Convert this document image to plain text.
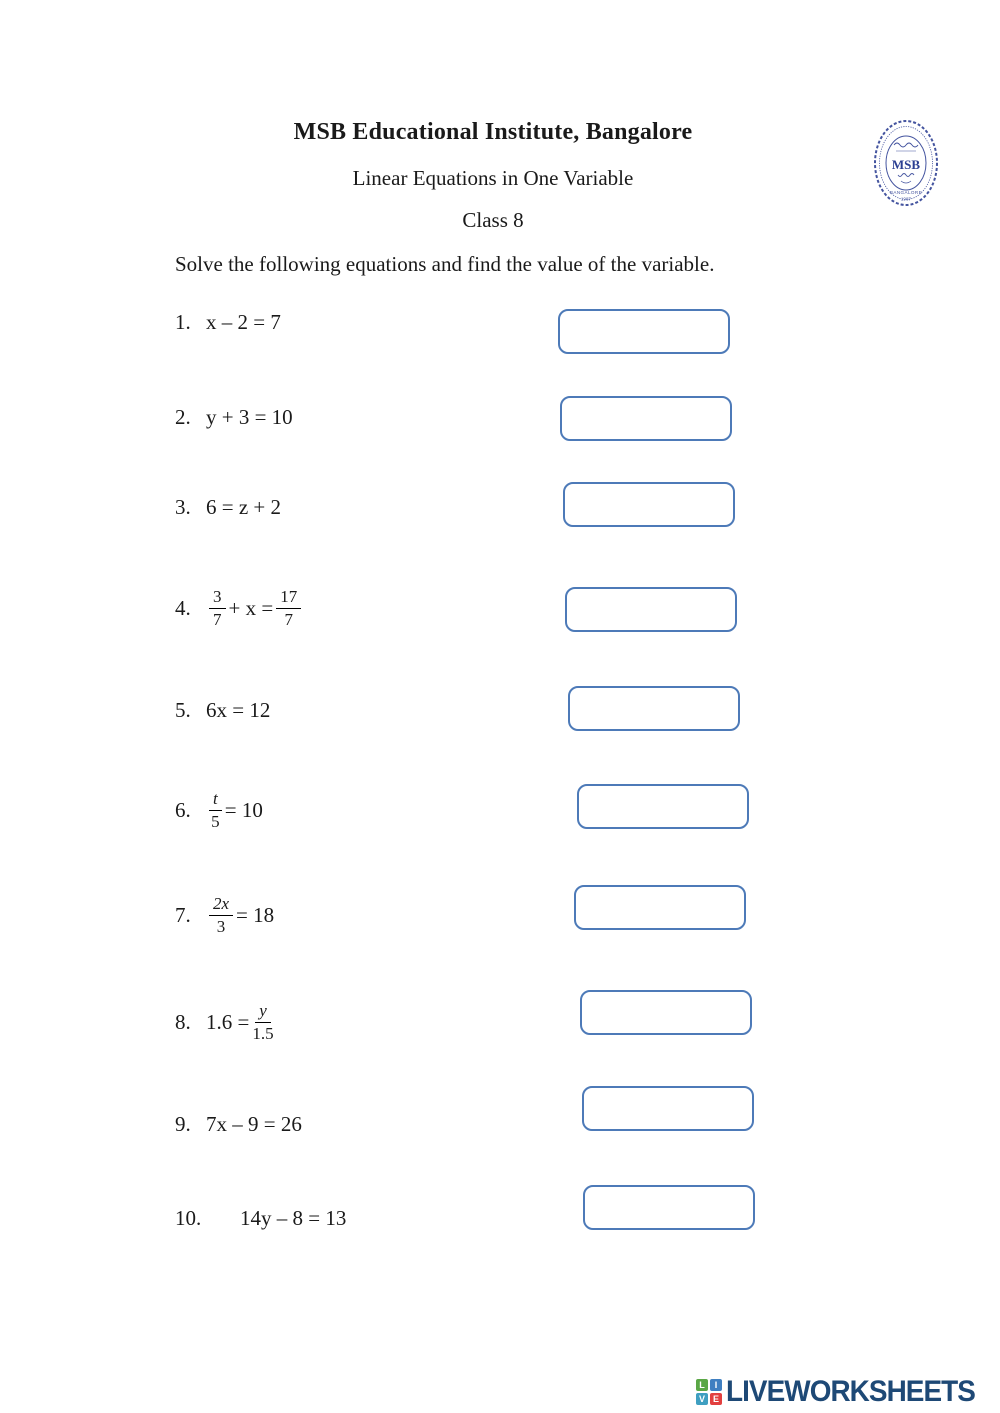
MSB Educational Institute, Bangalore
Linear Equations in One Variable
Class 8
Solve the following equations and find the value of the variable.
MSB
BANGALORE
1987
1. x – 2 = 7
2. y + 3 = 10
3. 6 = z + 2
4.	$\frac{3}{7} + x = \frac{17}{7}$
5. 6x = 12
6.	$\frac{t}{5} = 10$
7.	$\frac{2x}{3} = 18$
8. $1.6 = \frac{y}{1.5}$
9. 7x – 9 = 26
10.	14y – 8 = 13
L	I
V E LIVEWORKSHEETS
